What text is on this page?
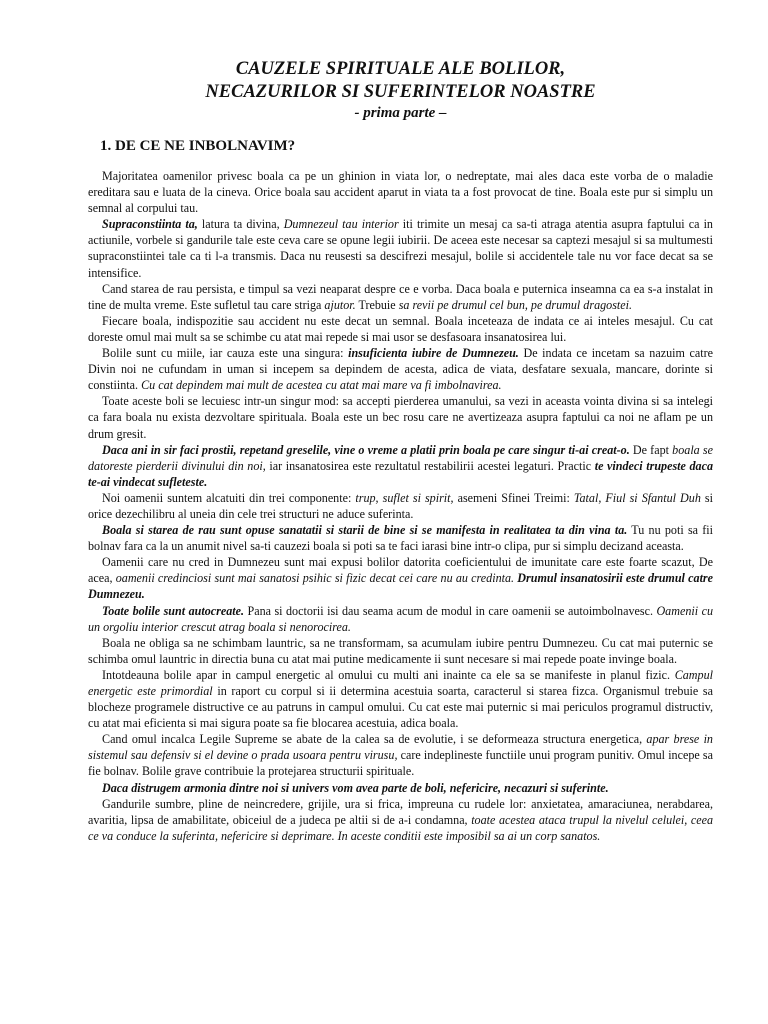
CAUZELE SPIRITUALE ALE BOLILOR,
NECAZURILOR SI SUFERINTELOR NOASTRE
- prima parte –
1. DE CE NE INBOLNAVIM?

Majoritatea oamenilor privesc boala ca pe un ghinion in viata lor, o nedreptate, mai ales daca este vorba de o maladie ereditara sau e luata de la cineva. Orice boala sau accident aparut in viata ta a fost provocat de tine. Boala este pur si simplu un semnal al corpului tau.

Supraconstiinta ta, latura ta divina, Dumnezeul tau interior iti trimite un mesaj ca sa-ti atraga atentia asupra faptului ca in actiunile, vorbele si gandurile tale este ceva care se opune legii iubirii. De aceea este necesar sa captezi mesajul si sa multumesti supraconstiintei tale ca ti l-a transmis. Daca nu reusesti sa descifrezi mesajul, bolile si accidentele tale nu vor face decat sa se intensifice.

Cand starea de rau persista, e timpul sa vezi neaparat despre ce e vorba. Daca boala e puternica inseamna ca ea s-a instalat in tine de multa vreme. Este sufletul tau care striga ajutor. Trebuie sa revii pe drumul cel bun, pe drumul dragostei.

Fiecare boala, indispozitie sau accident nu este decat un semnal. Boala inceteaza de indata ce ai inteles mesajul. Cu cat doreste omul mai mult sa se schimbe cu atat mai repede si mai usor se desfasoara insanatosirea lui.

Bolile sunt cu miile, iar cauza este una singura: insuficienta iubire de Dumnezeu. De indata ce incetam sa nazuim catre Divin noi ne cufundam in uman si incepem sa depindem de acesta, adica de viata, desfatare sexuala, mancare, dorinte si constiinta. Cu cat depindem mai mult de acestea cu atat mai mare va fi imbolnavirea.

Toate aceste boli se lecuiesc intr-un singur mod: sa accepti pierderea umanului, sa vezi in aceasta vointa divina si sa intelegi ca fara boala nu exista dezvoltare spirituala. Boala este un bec rosu care ne avertizeaza asupra faptului ca noi ne aflam pe un drum gresit.

Daca ani in sir faci prostii, repetand greselile, vine o vreme a platii prin boala pe care singur ti-ai creat-o. De fapt boala se datoreste pierderii divinului din noi, iar insanatosirea este rezultatul restabilirii acestei legaturi. Practic te vindeci trupeste daca te-ai vindecat sufleteste.

Noi oamenii suntem alcatuiti din trei componente: trup, suflet si spirit, asemeni Sfinei Treimi: Tatal, Fiul si Sfantul Duh si orice dezechilibru al uneia din cele trei structuri ne aduce suferinta.

Boala si starea de rau sunt opuse sanatatii si starii de bine si se manifesta in realitatea ta din vina ta. Tu nu poti sa fii bolnav fara ca la un anumit nivel sa-ti cauzezi boala si poti sa te faci iarasi bine intr-o clipa, pur si simplu decizand aceasta.

Oamenii care nu cred in Dumnezeu sunt mai expusi bolilor datorita coeficientului de imunitate care este foarte scazut, De acea, oamenii credinciosi sunt mai sanatosi psihic si fizic decat cei care nu au credinta. Drumul insanatosirii este drumul catre Dumnezeu.

Toate bolile sunt autocreate. Pana si doctorii isi dau seama acum de modul in care oamenii se autoimbolnavesc. Oamenii cu un orgoliu interior crescut atrag boala si nenorocirea.

Boala ne obliga sa ne schimbam launtric, sa ne transformam, sa acumulam iubire pentru Dumnezeu. Cu cat mai puternic se schimba omul launtric in directia buna cu atat mai putine medicamente ii sunt necesare si mai repede poate invinge boala.

Intotdeauna bolile apar in campul energetic al omului cu multi ani inainte ca ele sa se manifeste in planul fizic. Campul energetic este primordial in raport cu corpul si ii determina acestuia soarta, caracterul si starea fizca. Organismul trebuie sa blocheze programele distructive ce au patruns in campul omului. Cu cat este mai puternic si mai periculos programul distructiv, cu atat mai eficienta si mai sigura poate sa fie blocarea acestuia, adica boala.

Cand omul incalca Legile Supreme se abate de la calea sa de evolutie, i se deformeaza structura energetica, apar brese in sistemul sau defensiv si el devine o prada usoara pentru virusu, care indeplineste functiile unui program punitiv. Omul incepe sa fie bolnav. Bolile grave contribuie la protejarea structurii spirituale.

Daca distrugem armonia dintre noi si univers vom avea parte de boli, nefericire, necazuri si suferinte.

Gandurile sumbre, pline de neincredere, grijile, ura si frica, impreuna cu rudele lor: anxietatea, amaraciunea, nerabdarea, avaritia, lipsa de amabilitate, obiceiul de a judeca pe altii si de a-i condamna, toate acestea ataca trupul la nivelul celulei, ceea ce va conduce la suferinta, nefericire si deprimare. In aceste conditii este imposibil sa ai un corp sanatos.
